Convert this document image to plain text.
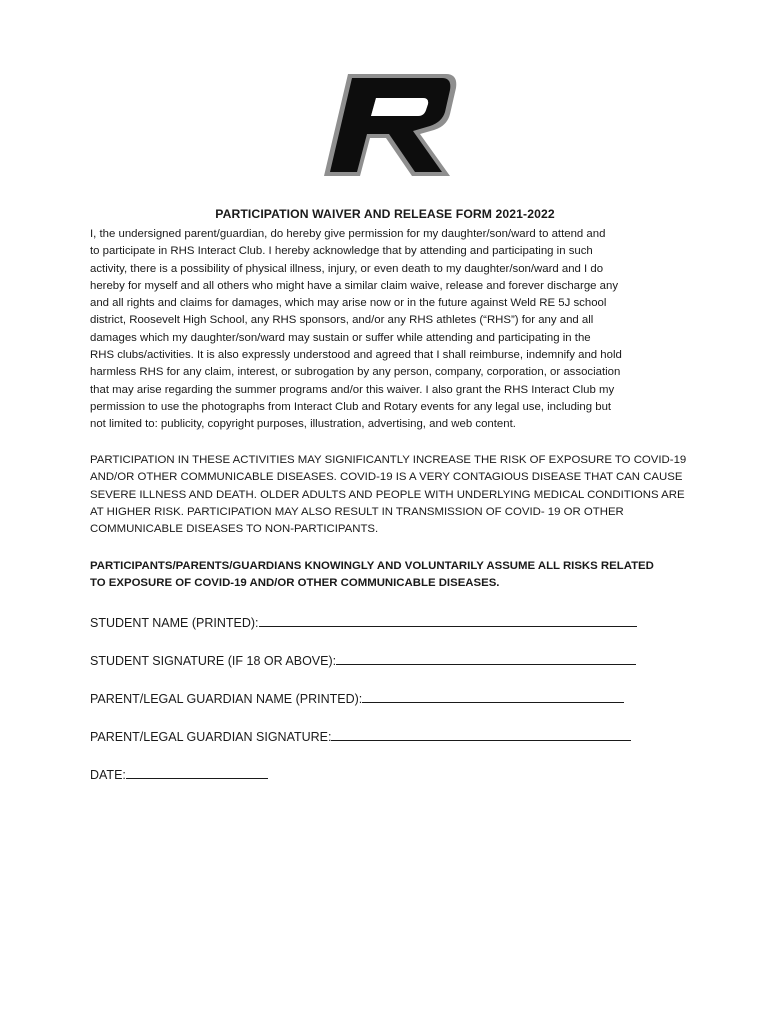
PARTICIPATION WAIVER AND RELEASE FORM 2021-2022
I, the undersigned parent/guardian, do hereby give permission for my daughter/son/ward to attend and
to participate in RHS Interact Club. I hereby acknowledge that by attending and participating in such
activity, there is a possibility of physical illness, injury, or even death to my daughter/son/ward and I do
hereby for myself and all others who might have a similar claim waive, release and forever discharge any
and all rights and claims for damages, which may arise now or in the future against Weld RE 5J school
district, Roosevelt High School, any RHS sponsors, and/or any RHS athletes (“RHS”) for any and all
damages which my daughter/son/ward may sustain or suffer while attending and participating in the
RHS clubs/activities. It is also expressly understood and agreed that I shall reimburse, indemnify and hold
harmless RHS for any claim, interest, or subrogation by any person, company, corporation, or association
that may arise regarding the summer programs and/or this waiver. I also grant the RHS Interact Club my
permission to use the photographs from Interact Club and Rotary events for any legal use, including but
not limited to: publicity, copyright purposes, illustration, advertising, and web content.
PARTICIPATION IN THESE ACTIVITIES MAY SIGNIFICANTLY INCREASE THE RISK OF EXPOSURE TO COVID-19
AND/OR OTHER COMMUNICABLE DISEASES. COVID-19 IS A VERY CONTAGIOUS DISEASE THAT CAN CAUSE
SEVERE ILLNESS AND DEATH. OLDER ADULTS AND PEOPLE WITH UNDERLYING MEDICAL CONDITIONS ARE
AT HIGHER RISK. PARTICIPATION MAY ALSO RESULT IN TRANSMISSION OF COVID- 19 OR OTHER
COMMUNICABLE DISEASES TO NON-PARTICIPANTS.
PARTICIPANTS/PARENTS/GUARDIANS KNOWINGLY AND VOLUNTARILY ASSUME ALL RISKS RELATED
TO EXPOSURE OF COVID-19 AND/OR OTHER COMMUNICABLE DISEASES.
STUDENT NAME (PRINTED):
STUDENT SIGNATURE (IF 18 OR ABOVE):
PARENT/LEGAL GUARDIAN NAME (PRINTED):
PARENT/LEGAL GUARDIAN SIGNATURE:
DATE:
